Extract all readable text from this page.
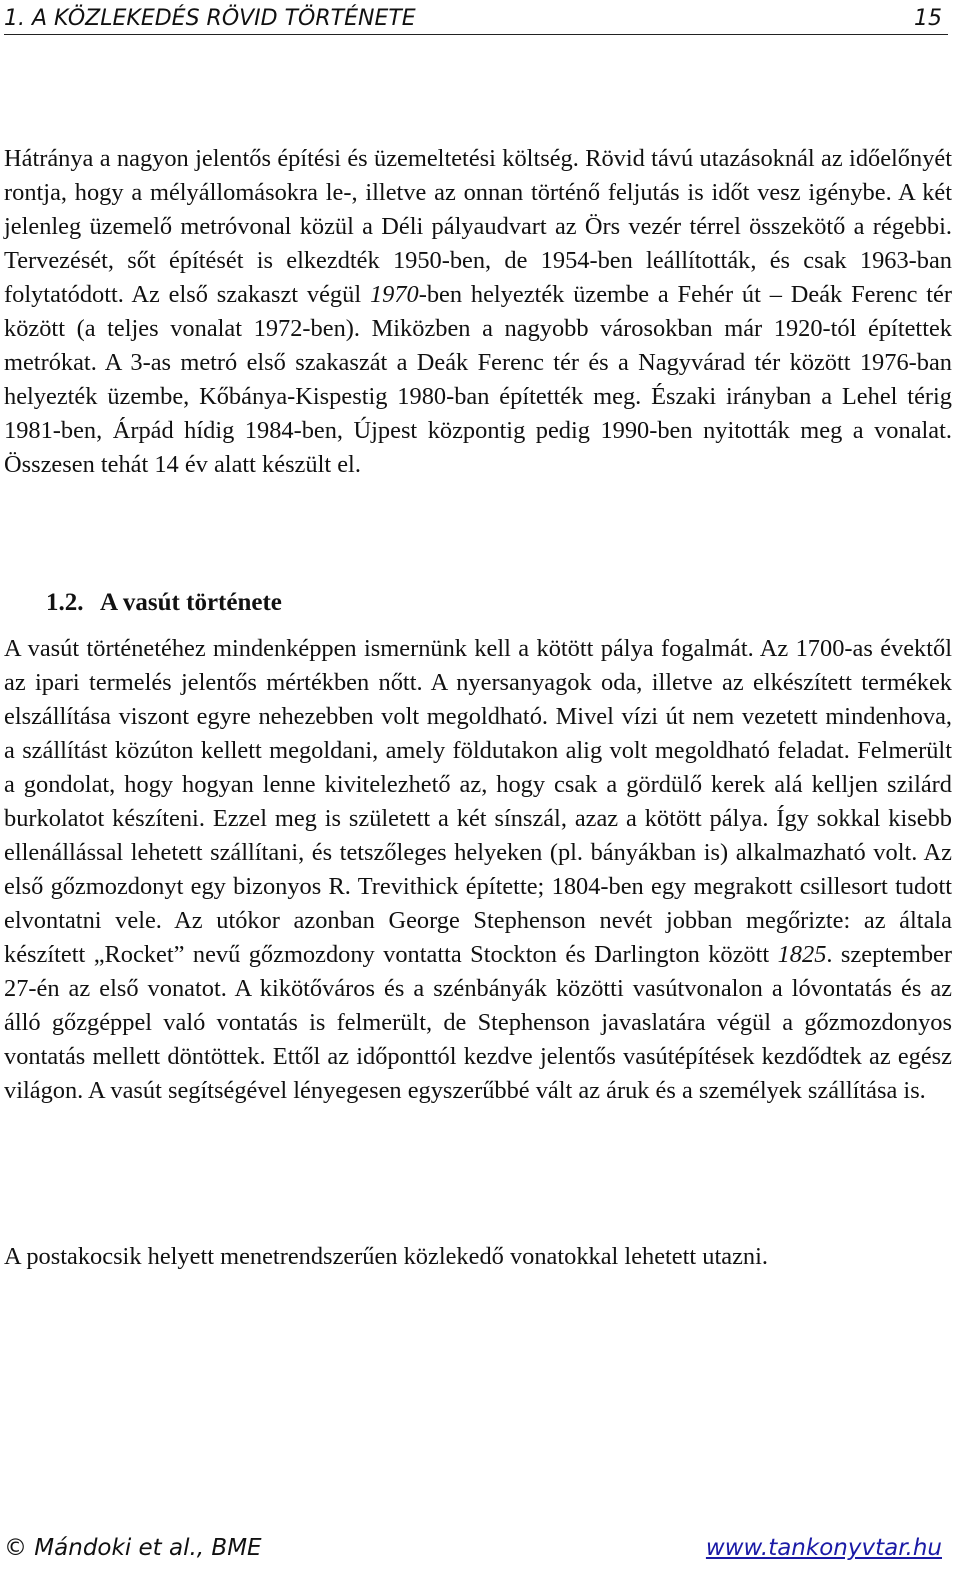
1. A KÖZLEKEDÉS RÖVID TÖRTÉNETE	15
Hátránya a nagyon jelentős építési és üzemeltetési költség. Rövid távú utazásoknál az időelőnyét rontja, hogy a mélyállomásokra le-, illetve az onnan történő feljutás is időt vesz igénybe. A két jelenleg üzemelő metróvonal közül a Déli pályaudvart az Örs vezér térrel összekötő a régebbi. Tervezését, sőt építését is elkezdték 1950-ben, de 1954-ben leállították, és csak 1963-ban folytatódott. Az első szakaszt végül 1970-ben helyezték üzembe a Fehér út – Deák Ferenc tér között (a teljes vonalat 1972-ben). Miközben a nagyobb városokban már 1920-tól építettek metrókat. A 3-as metró első szakaszát a Deák Ferenc tér és a Nagyvárad tér között 1976-ban helyezték üzembe, Kőbánya-Kispestig 1980-ban építették meg. Északi irányban a Lehel térig 1981-ben, Árpád hídig 1984-ben, Újpest központig pedig 1990-ben nyitották meg a vonalat. Összesen tehát 14 év alatt készült el.
1.2. A vasút története
A vasút történetéhez mindenképpen ismernünk kell a kötött pálya fogalmát. Az 1700-as évektől az ipari termelés jelentős mértékben nőtt. A nyersanyagok oda, illetve az elkészített termékek elszállítása viszont egyre nehezebben volt megoldható. Mivel vízi út nem vezetett mindenhova, a szállítást közúton kellett megoldani, amely földutakon alig volt megoldható feladat. Felmerült a gondolat, hogy hogyan lenne kivitelezhető az, hogy csak a gördülő kerek alá kelljen szilárd burkolatot készíteni. Ezzel meg is született a két sínszál, azaz a kötött pálya. Így sokkal kisebb ellenállással lehetett szállítani, és tetszőleges helyeken (pl. bányákban is) alkalmazható volt. Az első gőzmozdonyt egy bizonyos R. Trevithick építette; 1804-ben egy megrakott csillesort tudott elvontatni vele. Az utókor azonban George Stephenson nevét jobban megőrizte: az általa készített „Rocket” nevű gőzmozdony vontatta Stockton és Darlington között 1825. szeptember 27-én az első vonatot. A kikötőváros és a szénbányák közötti vasútvonalon a lóvontatás és az álló gőzgéppel való vontatás is felmerült, de Stephenson javaslatára végül a gőzmozdonyos vontatás mellett döntöttek. Ettől az időponttól kezdve jelentős vasútépítések kezdődtek az egész világon. A vasút segítségével lényegesen egyszerűbbé vált az áruk és a személyek szállítása is.
A postakocsik helyett menetrendszerűen közlekedő vonatokkal lehetett utazni.
© Mándoki et al., BME	www.tankonyvtar.hu
